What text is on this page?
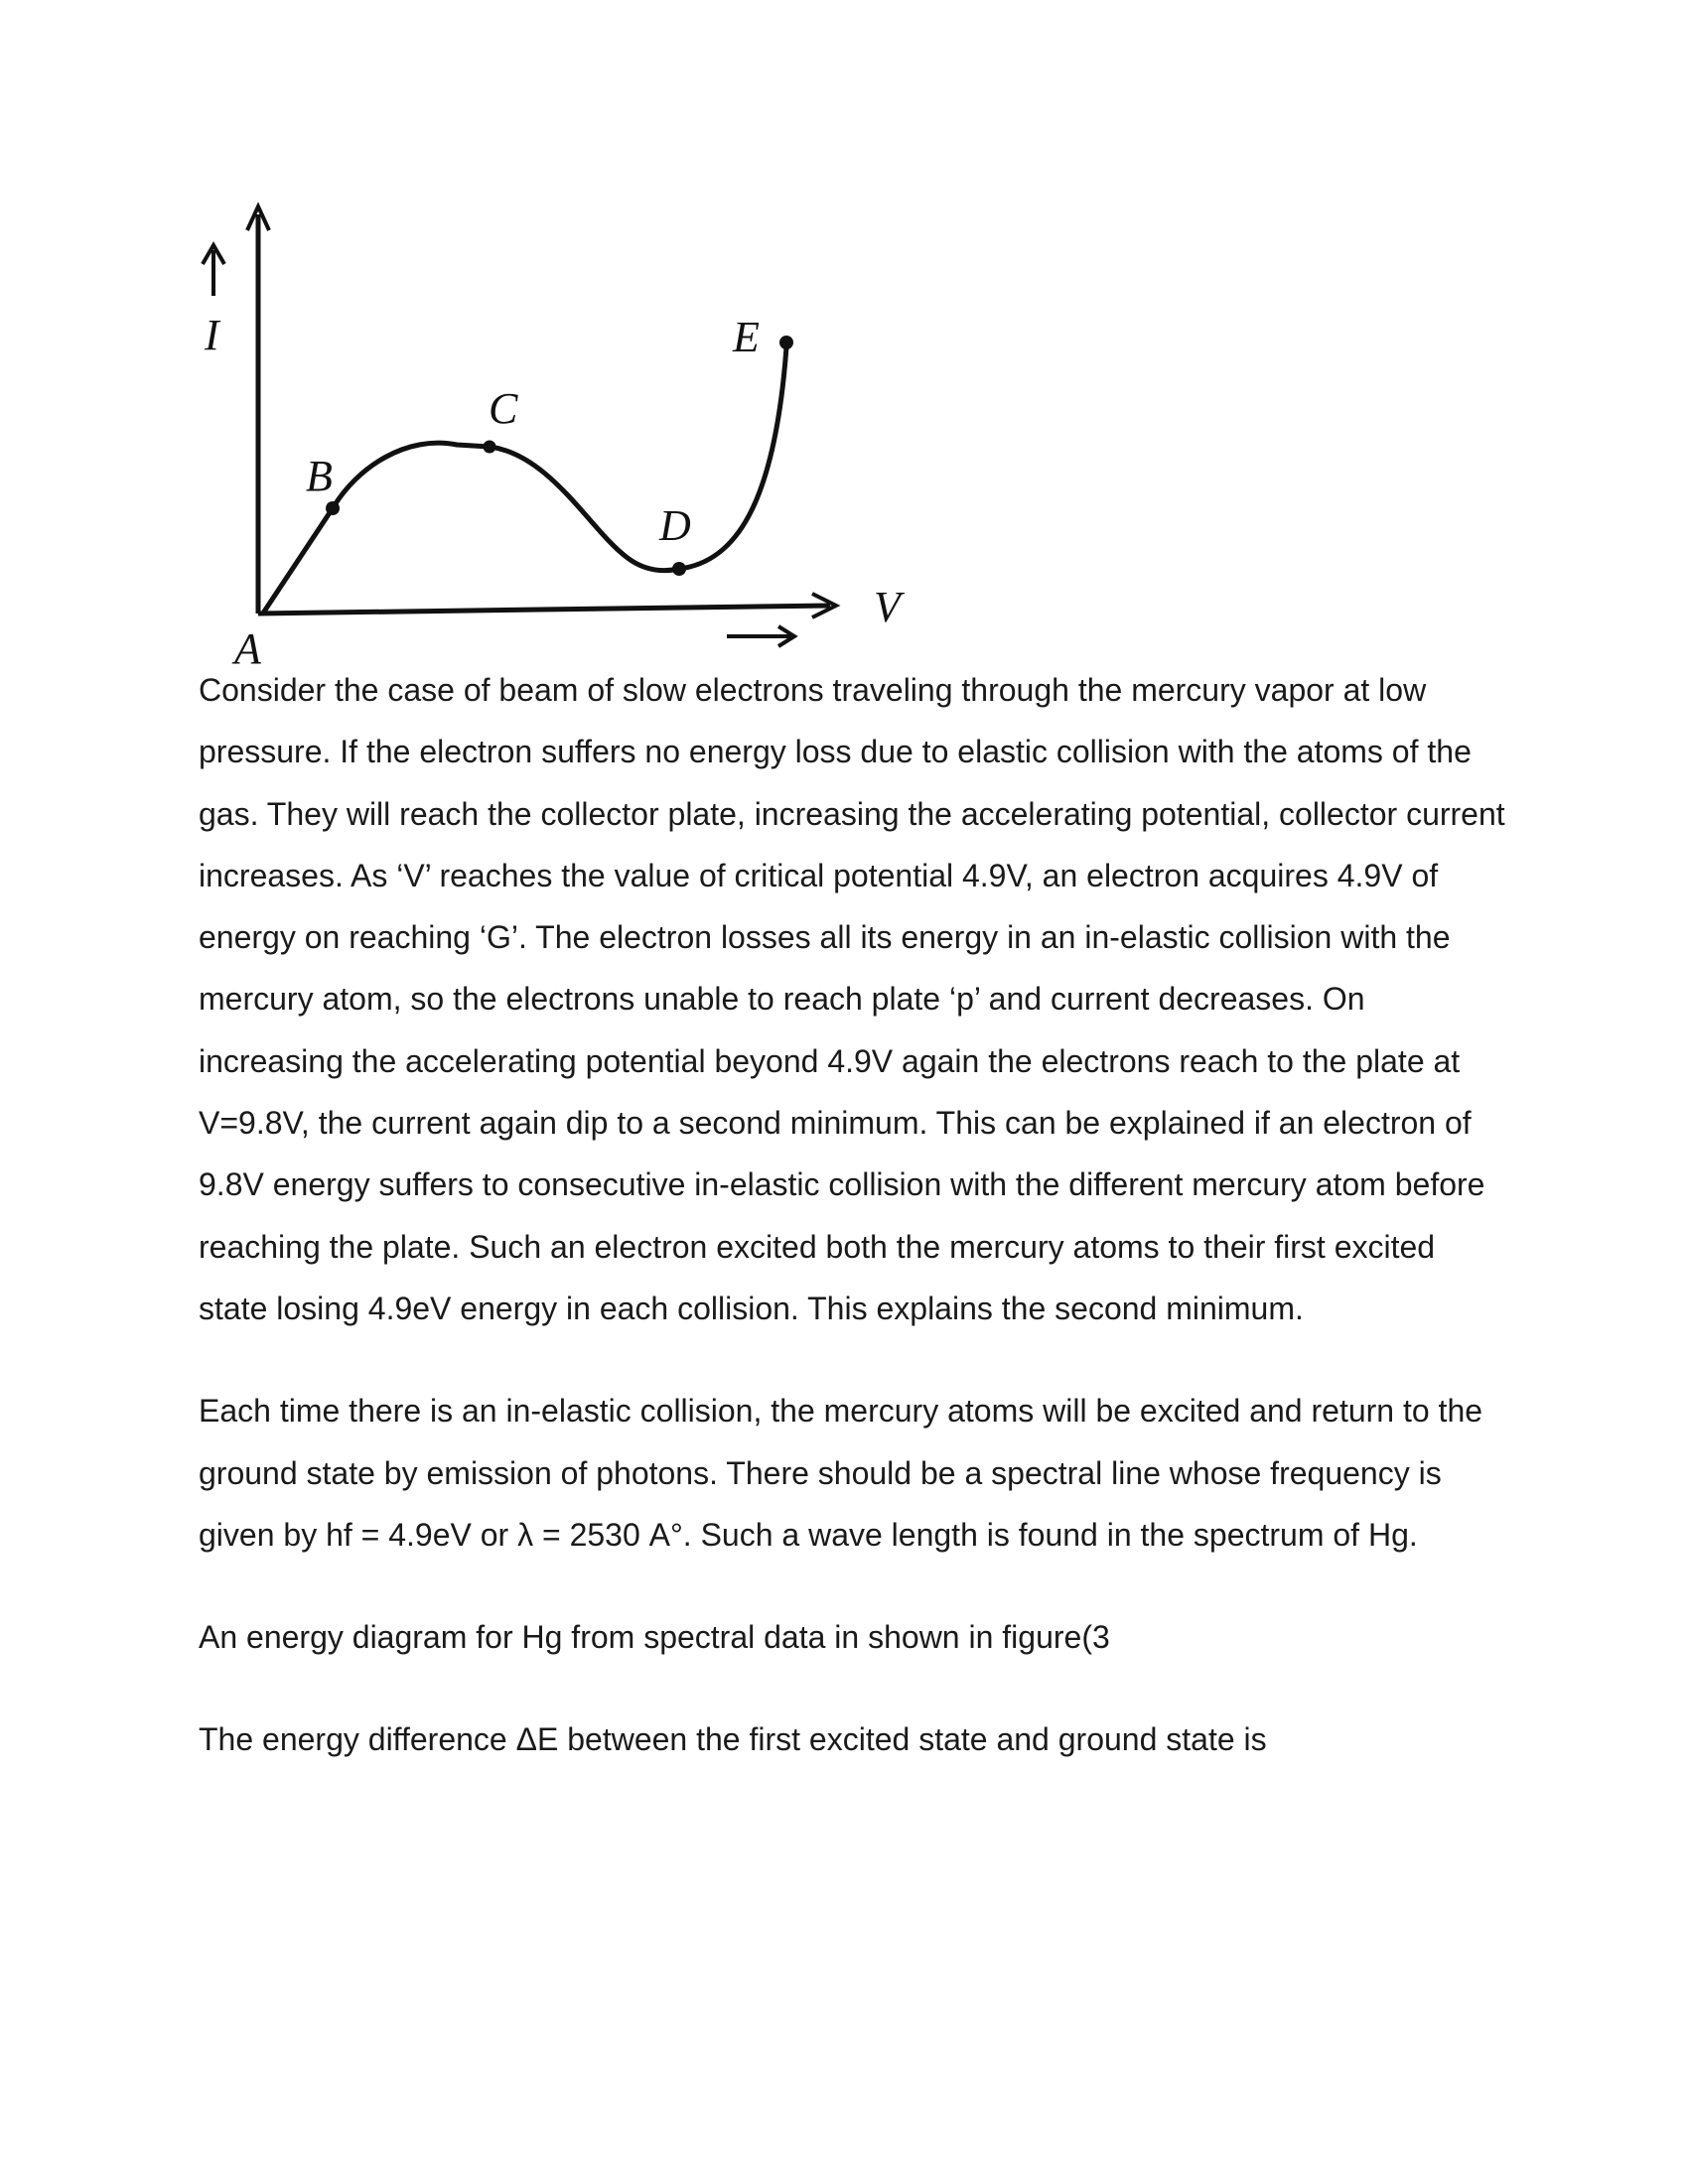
I
V
A
B
C
D
E

Consider the case of beam of slow electrons traveling through the mercury vapor at low pressure. If the electron suffers no energy loss due to elastic collision with the atoms of the gas. They will reach the collector plate, increasing the accelerating potential, collector current increases. As ‘V’ reaches the value of critical potential 4.9V, an electron acquires 4.9V of energy on reaching ‘G’. The electron losses all its energy in an in-elastic collision with the mercury atom, so the electrons unable to reach plate ‘p’ and current decreases. On increasing the accelerating potential beyond 4.9V again the electrons reach to the plate at V=9.8V, the current again dip to a second minimum. This can be explained if an electron of 9.8V energy suffers to consecutive in-elastic collision with the different mercury atom before reaching the plate. Such an electron excited both the mercury atoms to their first excited state losing 4.9eV energy in each collision. This explains the second minimum.

Each time there is an in-elastic collision, the mercury atoms will be excited and return to the ground state by emission of photons. There should be a spectral line whose frequency is given by hf = 4.9eV or λ = 2530 A°. Such a wave length is found in the spectrum of Hg.

An energy diagram for Hg from spectral data in shown in figure(3

The energy difference ΔE between the first excited state and ground state is
